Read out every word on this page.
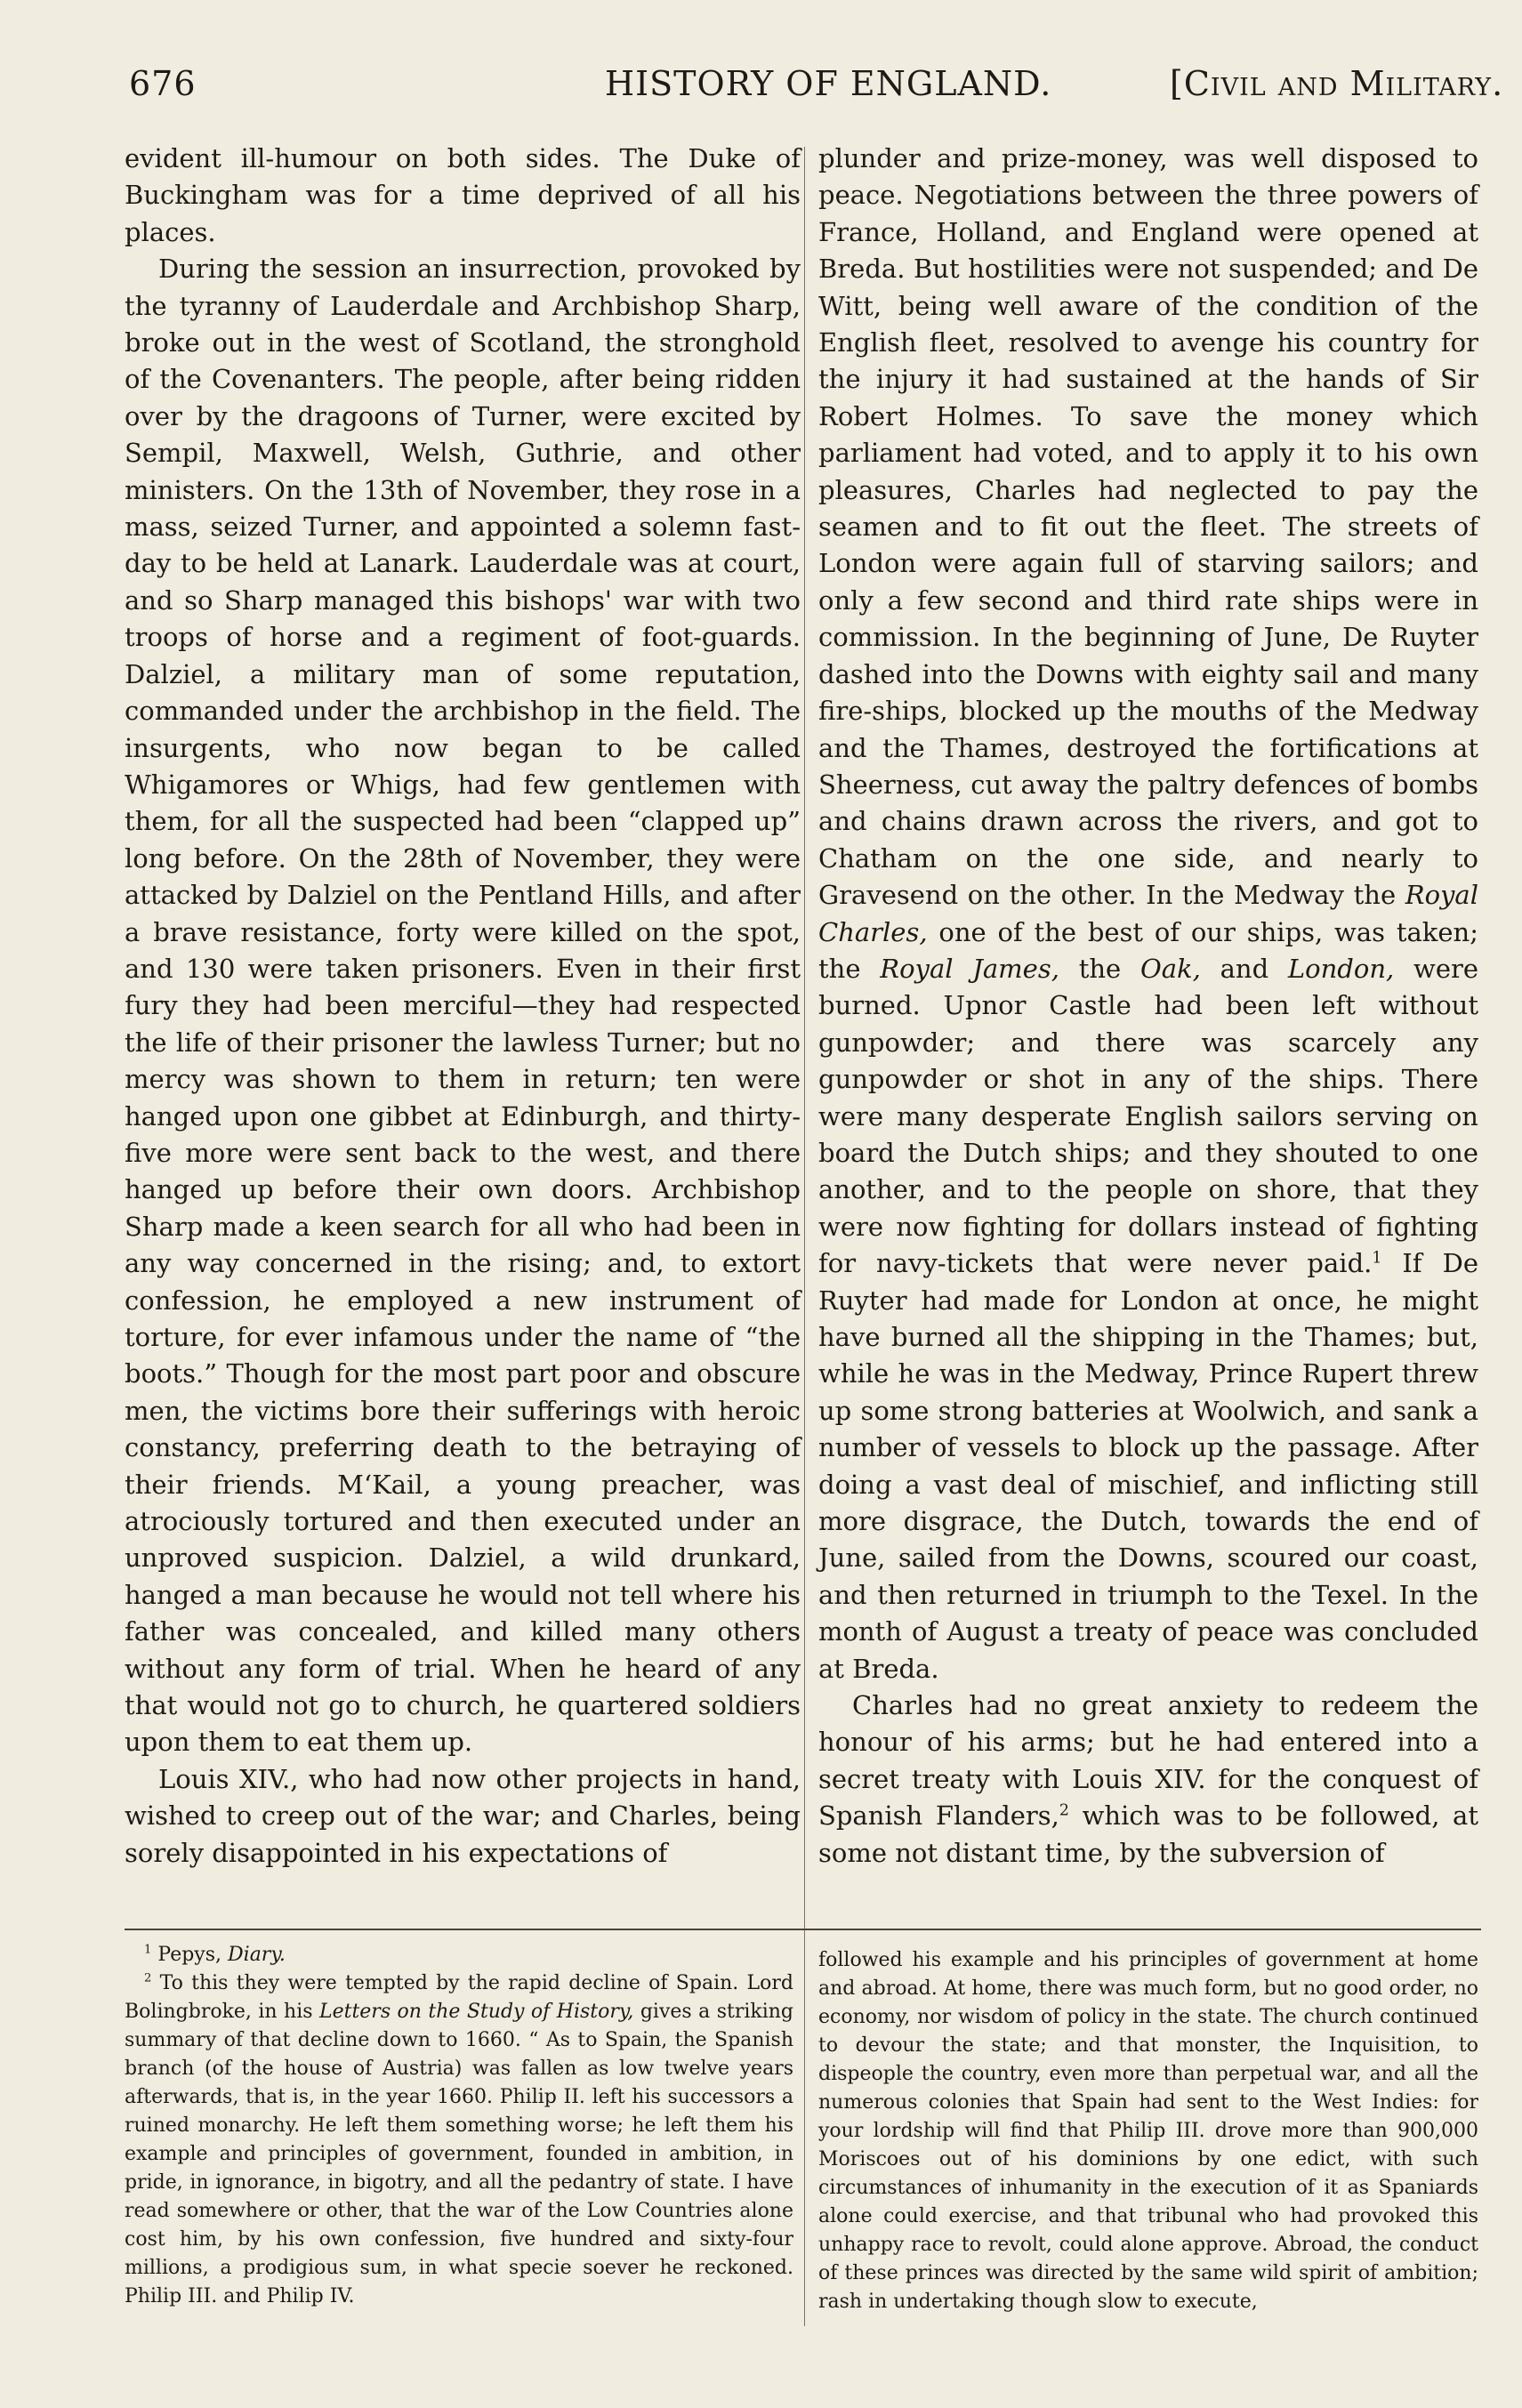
676	HISTORY OF ENGLAND.	[Civil and Military.

evident ill-humour on both sides. The Duke of Buckingham was for a time deprived of all his places.

During the session an insurrection, provoked by the tyranny of Lauderdale and Archbishop Sharp, broke out in the west of Scotland, the stronghold of the Covenanters. The people, after being ridden over by the dragoons of Turner, were excited by Sempil, Maxwell, Welsh, Guthrie, and other ministers. On the 13th of November, they rose in a mass, seized Turner, and appointed a solemn fast-day to be held at Lanark. Lauderdale was at court, and so Sharp managed this bishops' war with two troops of horse and a regiment of foot-guards. Dalziel, a military man of some reputation, commanded under the archbishop in the field. The insurgents, who now began to be called Whigamores or Whigs, had few gentlemen with them, for all the suspected had been “clapped up” long before. On the 28th of November, they were attacked by Dalziel on the Pentland Hills, and after a brave resistance, forty were killed on the spot, and 130 were taken prisoners. Even in their first fury they had been merciful—they had respected the life of their prisoner the lawless Turner; but no mercy was shown to them in return; ten were hanged upon one gibbet at Edinburgh, and thirty-five more were sent back to the west, and there hanged up before their own doors. Archbishop Sharp made a keen search for all who had been in any way concerned in the rising; and, to extort confession, he employed a new instrument of torture, for ever infamous under the name of “the boots.” Though for the most part poor and obscure men, the victims bore their sufferings with heroic constancy, preferring death to the betraying of their friends. M‘Kail, a young preacher, was atrociously tortured and then executed under an unproved suspicion. Dalziel, a wild drunkard, hanged a man because he would not tell where his father was concealed, and killed many others without any form of trial. When he heard of any that would not go to church, he quartered soldiers upon them to eat them up.

Louis XIV., who had now other projects in hand, wished to creep out of the war; and Charles, being sorely disappointed in his expectations of

plunder and prize-money, was well disposed to peace. Negotiations between the three powers of France, Holland, and England were opened at Breda. But hostilities were not suspended; and De Witt, being well aware of the condition of the English fleet, resolved to avenge his country for the injury it had sustained at the hands of Sir Robert Holmes. To save the money which parliament had voted, and to apply it to his own pleasures, Charles had neglected to pay the seamen and to fit out the fleet. The streets of London were again full of starving sailors; and only a few second and third rate ships were in commission. In the beginning of June, De Ruyter dashed into the Downs with eighty sail and many fire-ships, blocked up the mouths of the Medway and the Thames, destroyed the fortifications at Sheerness, cut away the paltry defences of bombs and chains drawn across the rivers, and got to Chatham on the one side, and nearly to Gravesend on the other. In the Medway the Royal Charles, one of the best of our ships, was taken; the Royal James, the Oak, and London, were burned. Upnor Castle had been left without gunpowder; and there was scarcely any gunpowder or shot in any of the ships. There were many desperate English sailors serving on board the Dutch ships; and they shouted to one another, and to the people on shore, that they were now fighting for dollars instead of fighting for navy-tickets that were never paid.$^1$ If De Ruyter had made for London at once, he might have burned all the shipping in the Thames; but, while he was in the Medway, Prince Rupert threw up some strong batteries at Woolwich, and sank a number of vessels to block up the passage. After doing a vast deal of mischief, and inflicting still more disgrace, the Dutch, towards the end of June, sailed from the Downs, scoured our coast, and then returned in triumph to the Texel. In the month of August a treaty of peace was concluded at Breda.

Charles had no great anxiety to redeem the honour of his arms; but he had entered into a secret treaty with Louis XIV. for the conquest of Spanish Flanders,$^2$ which was to be followed, at some not distant time, by the subversion of

$^1$ Pepys, Diary.

$^2$ To this they were tempted by the rapid decline of Spain. Lord Bolingbroke, in his Letters on the Study of History, gives a striking summary of that decline down to 1660. “ As to Spain, the Spanish branch (of the house of Austria) was fallen as low twelve years afterwards, that is, in the year 1660. Philip II. left his successors a ruined monarchy. He left them something worse; he left them his example and principles of government, founded in ambition, in pride, in ignorance, in bigotry, and all the pedantry of state. I have read somewhere or other, that the war of the Low Countries alone cost him, by his own confession, five hundred and sixty-four millions, a prodigious sum, in what specie soever he reckoned. Philip III. and Philip IV.

followed his example and his principles of government at home and abroad. At home, there was much form, but no good order, no economy, nor wisdom of policy in the state. The church continued to devour the state; and that monster, the Inquisition, to dispeople the country, even more than perpetual war, and all the numerous colonies that Spain had sent to the West Indies: for your lordship will find that Philip III. drove more than 900,000 Moriscoes out of his dominions by one edict, with such circumstances of inhumanity in the execution of it as Spaniards alone could exercise, and that tribunal who had provoked this unhappy race to revolt, could alone approve. Abroad, the conduct of these princes was directed by the same wild spirit of ambition; rash in undertaking though slow to execute,
